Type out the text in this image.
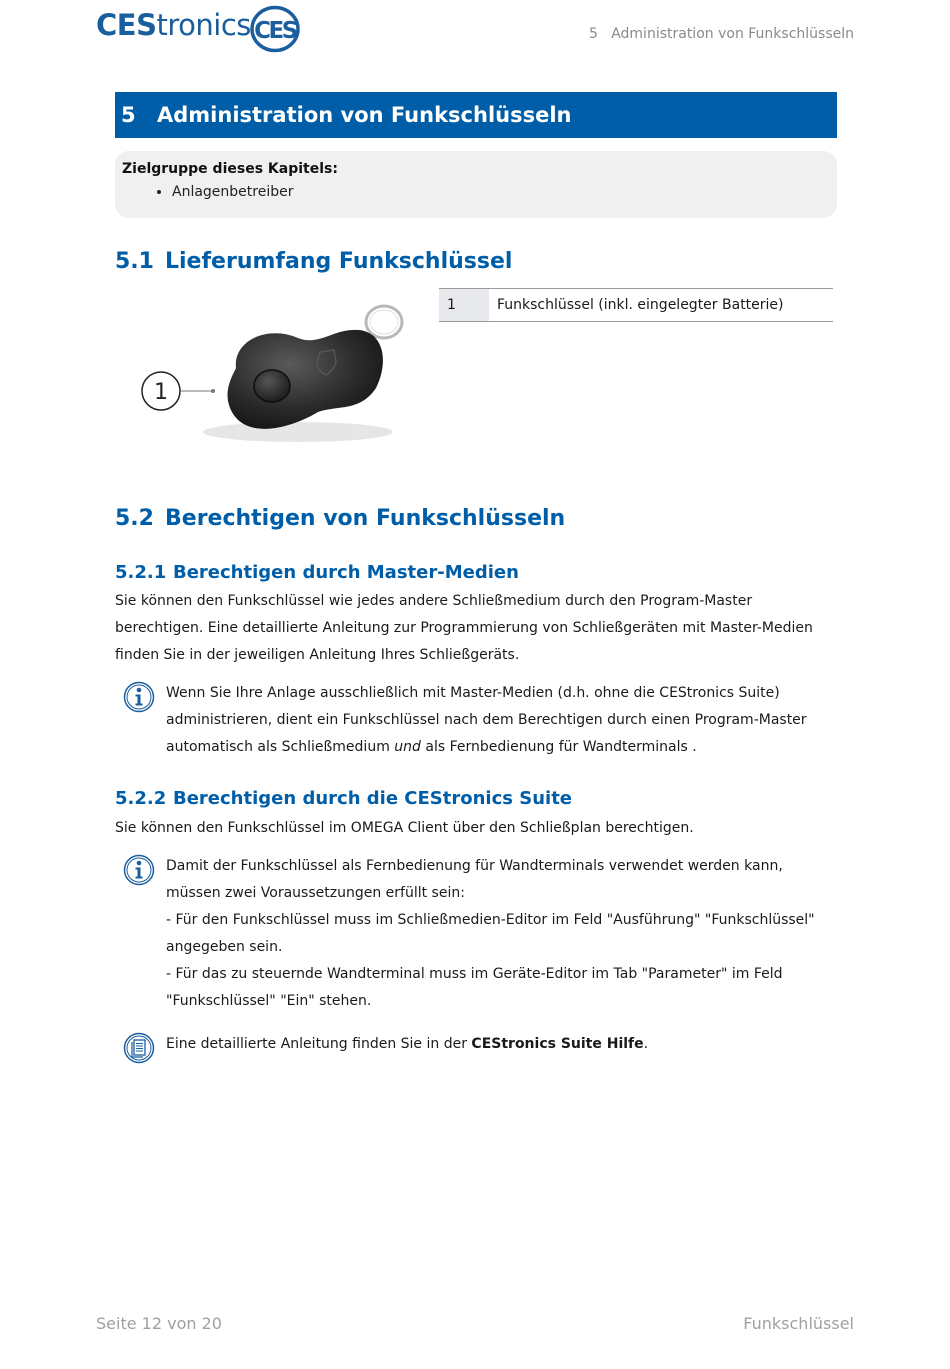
CEStronics CES	5   Administration von Funkschlüsseln
5	Administration von Funkschlüsseln
Zielgruppe dieses Kapitels:
• Anlagenbetreiber
5.1 Lieferumfang Funkschlüssel
1	Funkschlüssel (inkl. eingelegter Batterie)
1
5.2 Berechtigen von Funkschlüsseln
5.2.1 Berechtigen durch Master-Medien
Sie können den Funkschlüssel wie jedes andere Schließmedium durch den Program-Master berechtigen. Eine detaillierte Anleitung zur Programmierung von Schließgeräten mit Master-Medien finden Sie in der jeweiligen Anleitung Ihres Schließgeräts.
Wenn Sie Ihre Anlage ausschließlich mit Master-Medien (d.h. ohne die CEStronics Suite) administrieren, dient ein Funkschlüssel nach dem Berechtigen durch einen Program-Master automatisch als Schließmedium und als Fernbedienung für Wandterminals .
5.2.2 Berechtigen durch die CEStronics Suite
Sie können den Funkschlüssel im OMEGA Client über den Schließplan berechtigen.
Damit der Funkschlüssel als Fernbedienung für Wandterminals verwendet werden kann, müssen zwei Voraussetzungen erfüllt sein:
- Für den Funkschlüssel muss im Schließmedien-Editor im Feld "Ausführung" "Funkschlüssel" angegeben sein.
- Für das zu steuernde Wandterminal muss im Geräte-Editor im Tab "Parameter" im Feld "Funkschlüssel" "Ein" stehen.
Eine detaillierte Anleitung finden Sie in der CEStronics Suite Hilfe.
Seite 12 von 20	Funkschlüssel
